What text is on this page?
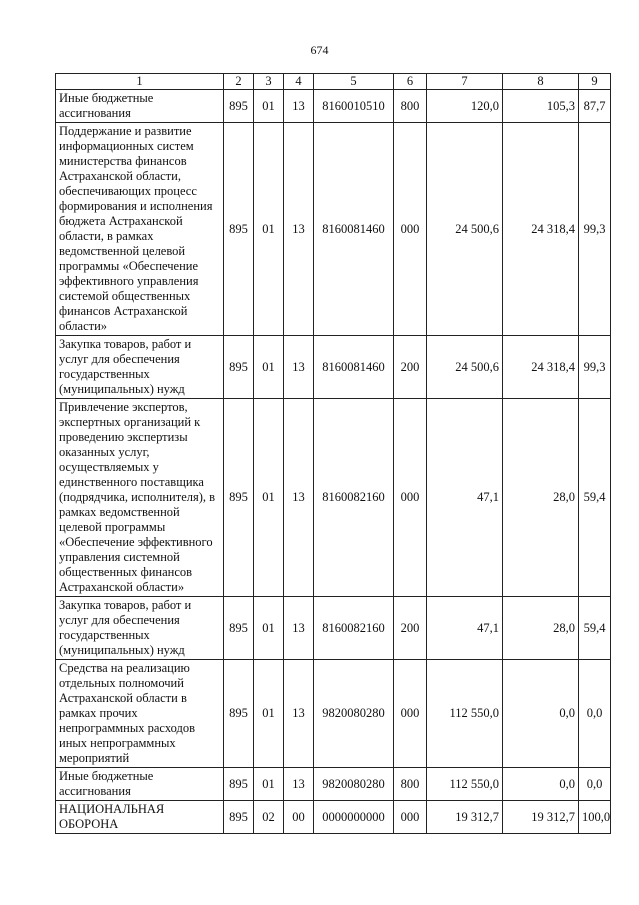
674
1	2	3	4	5	6	7	8	9
Иные бюджетные ассигнования	895	01	13	8160010510	800	120,0	105,3	87,7
Поддержание и развитие информационных систем министерства финансов Астраханской области, обеспечивающих процесс формирования и исполнения бюджета Астраханской области, в рамках ведомственной целевой программы «Обеспечение эффективного управления системой общественных финансов Астраханской области»	895	01	13	8160081460	000	24 500,6	24 318,4	99,3
Закупка товаров, работ и услуг для обеспечения государственных (муниципальных) нужд	895	01	13	8160081460	200	24 500,6	24 318,4	99,3
Привлечение экспертов, экспертных организаций к проведению экспертизы оказанных услуг, осуществляемых у единственного поставщика (подрядчика, исполнителя), в рамках ведомственной целевой программы «Обеспечение эффективного управления системной общественных финансов Астраханской области»	895	01	13	8160082160	000	47,1	28,0	59,4
Закупка товаров, работ и услуг для обеспечения государственных (муниципальных) нужд	895	01	13	8160082160	200	47,1	28,0	59,4
Средства на реализацию отдельных полномочий Астраханской области в рамках прочих непрограммных расходов иных непрограммных мероприятий	895	01	13	9820080280	000	112 550,0	0,0	0,0
Иные бюджетные ассигнования	895	01	13	9820080280	800	112 550,0	0,0	0,0
НАЦИОНАЛЬНАЯ ОБОРОНА	895	02	00	0000000000	000	19 312,7	19 312,7	100,0
